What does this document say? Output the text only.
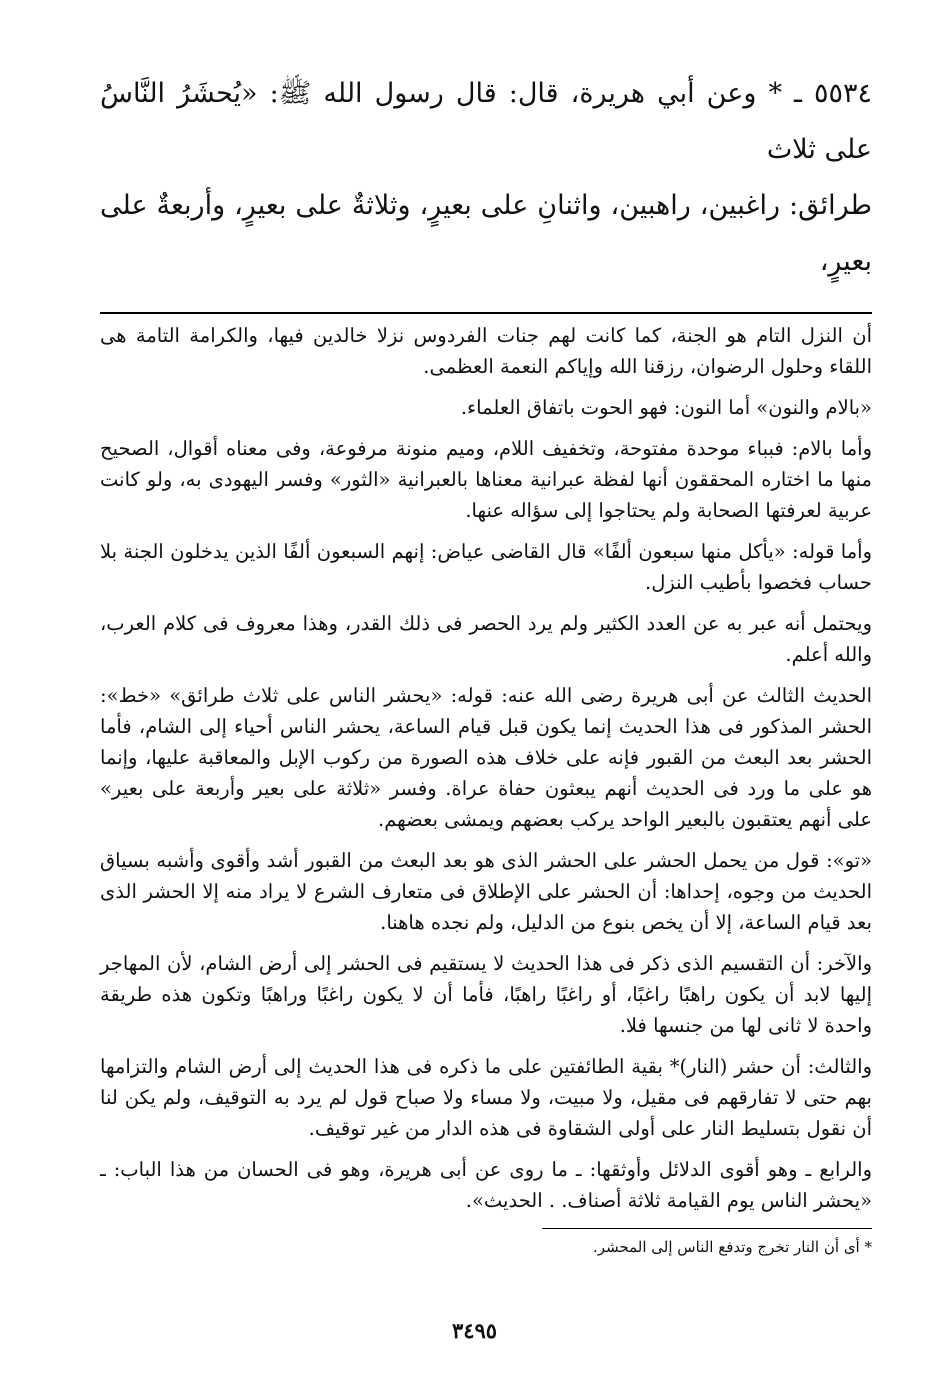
٥٥٣٤ ـ * وعن أبي هريرة، قال: قال رسول الله ﷺ: «يُحشَرُ النَّاسُ على ثلاث

طرائق: راغبين، راهبين، واثنانِ على بعيرٍ، وثلاثةٌ على بعيرٍ، وأربعةٌ على بعيرٍ،

أن النزل التام هو الجنة، كما كانت لهم جنات الفردوس نزلا خالدين فيها، والكرامة التامة هى اللقاء وحلول الرضوان، رزقنا الله وإياكم النعمة العظمى.

«بالام والنون» أما النون: فهو الحوت باتفاق العلماء.

وأما بالام: فبباء موحدة مفتوحة، وتخفيف اللام، وميم منونة مرفوعة، وفى معناه أقوال، الصحيح منها ما اختاره المحققون أنها لفظة عبرانية معناها بالعبرانية «الثور» وفسر اليهودى به، ولو كانت عربية لعرفتها الصحابة ولم يحتاجوا إلى سؤاله عنها.

وأما قوله: «يأكل منها سبعون ألفًا» قال القاضى عياض: إنهم السبعون ألفًا الذين يدخلون الجنة بلا حساب فخصوا بأطيب النزل.

ويحتمل أنه عبر به عن العدد الكثير ولم يرد الحصر فى ذلك القدر، وهذا معروف فى كلام العرب، والله أعلم.

الحديث الثالث عن أبى هريرة رضى الله عنه: قوله: «يحشر الناس على ثلاث طرائق» «خط»: الحشر المذكور فى هذا الحديث إنما يكون قبل قيام الساعة، يحشر الناس أحياء إلى الشام، فأما الحشر بعد البعث من القبور فإنه على خلاف هذه الصورة من ركوب الإبل والمعاقبة عليها، وإنما هو على ما ورد فى الحديث أنهم يبعثون حفاة عراة. وفسر «ثلاثة على بعير وأربعة على بعير» على أنهم يعتقبون بالبعير الواحد يركب بعضهم ويمشى بعضهم.

«تو»: قول من يحمل الحشر على الحشر الذى هو بعد البعث من القبور أشد وأقوى وأشبه بسياق الحديث من وجوه، إحداها: أن الحشر على الإطلاق فى متعارف الشرع لا يراد منه إلا الحشر الذى بعد قيام الساعة، إلا أن يخص بنوع من الدليل، ولم نجده هاهنا.

والآخر: أن التقسيم الذى ذكر فى هذا الحديث لا يستقيم فى الحشر إلى أرض الشام، لأن المهاجر إليها لابد أن يكون راهبًا راغبًا، أو راغبًا راهبًا، فأما أن لا يكون راغبًا وراهبًا وتكون هذه طريقة واحدة لا ثانى لها من جنسها فلا.

والثالث: أن حشر (النار)* بقية الطائفتين على ما ذكره فى هذا الحديث إلى أرض الشام والتزامها بهم حتى لا تفارقهم فى مقيل، ولا مبيت، ولا مساء ولا صباح قول لم يرد به التوقيف، ولم يكن لنا أن نقول بتسليط النار على أولى الشقاوة فى هذه الدار من غير توقيف.

والرابع ـ وهو أقوى الدلائل وأوثقها: ـ ما روى عن أبى هريرة، وهو فى الحسان من هذا الباب: ـ «يحشر الناس يوم القيامة ثلاثة أصناف. . الحديث».

* أى أن النار تخرج وتدفع الناس إلى المحشر.

٣٤٩٥
